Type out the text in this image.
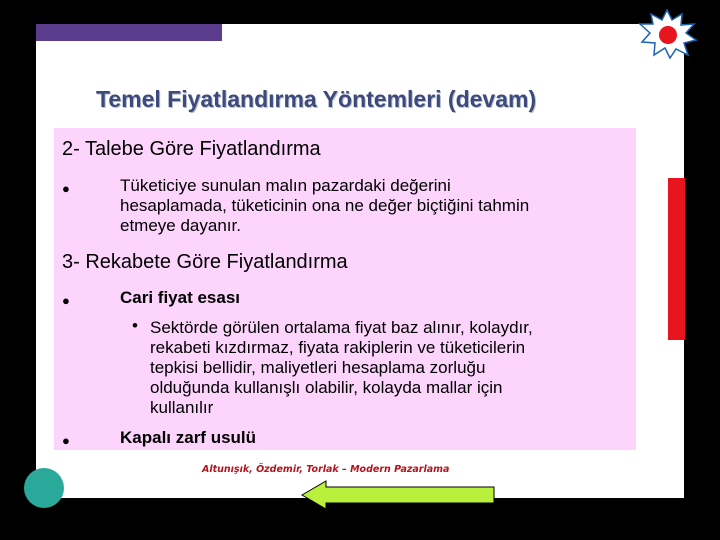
Temel Fiyatlandırma Yöntemleri (devam)
2- Talebe Göre Fiyatlandırma
●	Tüketiciye sunulan malın pazardaki değerini
hesaplamada, tüketicinin ona ne değer biçtiğini tahmin
etmeye dayanır.
3- Rekabete Göre Fiyatlandırma
●	Cari fiyat esası
• Sektörde görülen ortalama fiyat baz alınır, kolaydır,
rekabeti kızdırmaz, fiyata rakiplerin ve tüketicilerin
tepkisi bellidir, maliyetleri hesaplama zorluğu
olduğunda kullanışlı olabilir, kolayda mallar için
kullanılır
●	Kapalı zarf usulü
Altunışık, Özdemir, Torlak – Modern Pazarlama
